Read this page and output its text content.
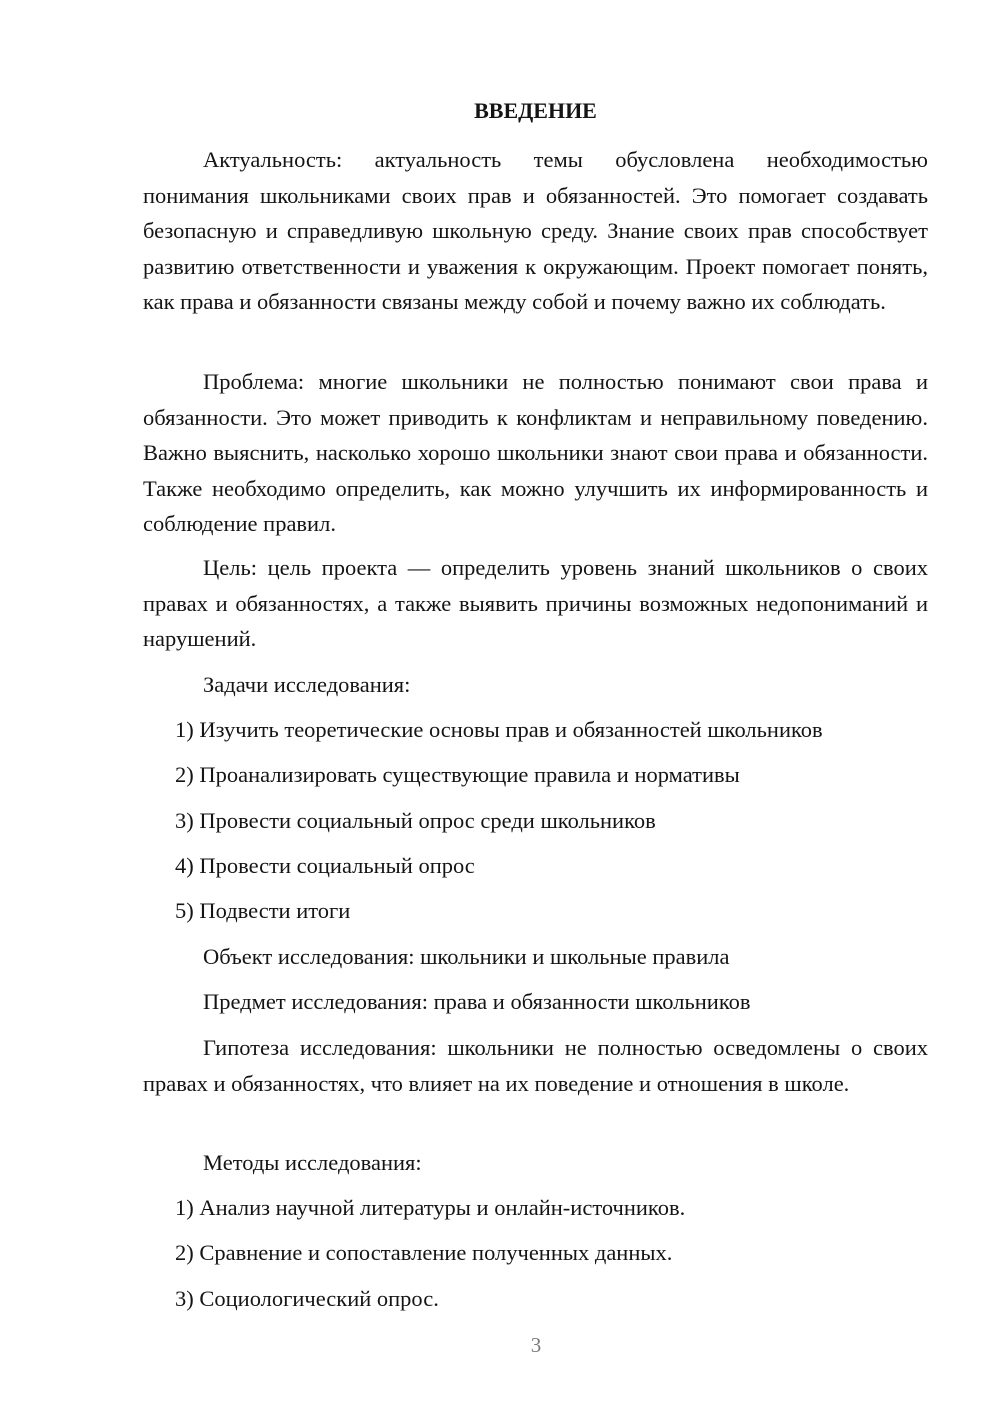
ВВЕДЕНИЕ

Актуальность: актуальность темы обусловлена необходимостью понимания школьниками своих прав и обязанностей. Это помогает создавать безопасную и справедливую школьную среду. Знание своих прав способствует развитию ответственности и уважения к окружающим. Проект помогает понять, как права и обязанности связаны между собой и почему важно их соблюдать.

Проблема: многие школьники не полностью понимают свои права и обязанности. Это может приводить к конфликтам и неправильному поведению. Важно выяснить, насколько хорошо школьники знают свои права и обязанности. Также необходимо определить, как можно улучшить их информированность и соблюдение правил.

Цель: цель проекта — определить уровень знаний школьников о своих правах и обязанностях, а также выявить причины возможных недопониманий и нарушений.

Задачи исследования:
1) Изучить теоретические основы прав и обязанностей школьников
2) Проанализировать существующие правила и нормативы
3) Провести социальный опрос среди школьников
4) Провести социальный опрос
5) Подвести итоги
Объект исследования: школьники и школьные правила
Предмет исследования: права и обязанности школьников

Гипотеза исследования: школьники не полностью осведомлены о своих правах и обязанностях, что влияет на их поведение и отношения в школе.

Методы исследования:
1) Анализ научной литературы и онлайн-источников.
2) Сравнение и сопоставление полученных данных.
3) Социологический опрос.
3
